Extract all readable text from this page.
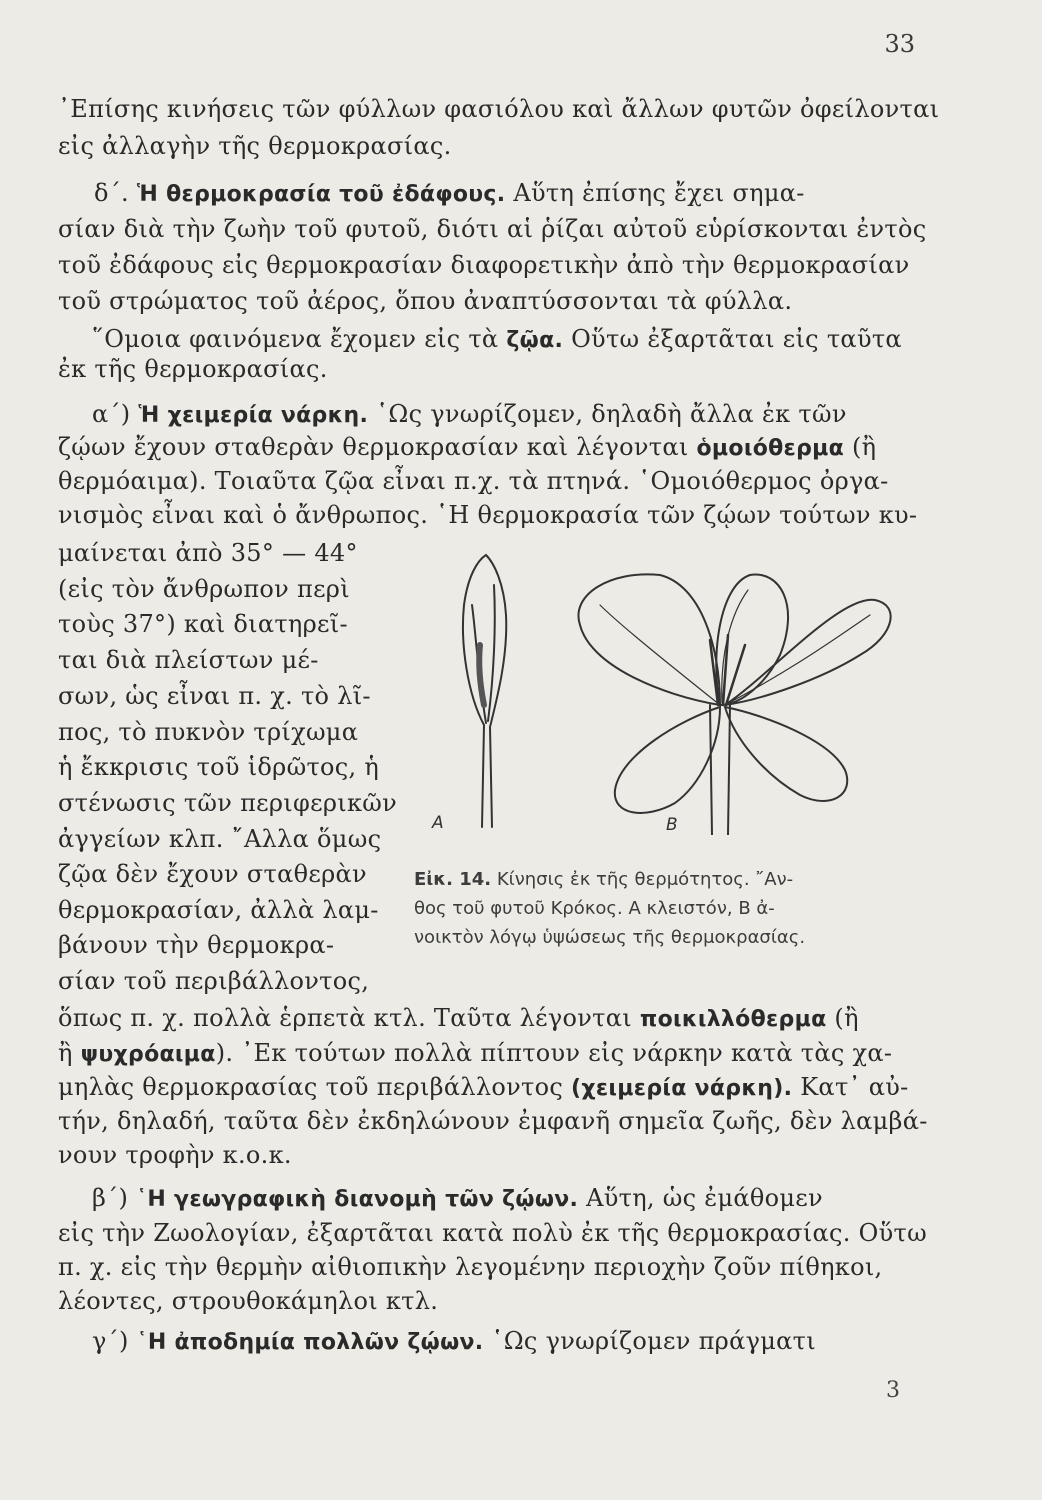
33
᾿Επίσης κινήσεις τῶν φύλλων φασιόλου καὶ ἄλλων φυτῶν ὀφείλονται
εἰς ἀλλαγὴν τῆς θερμοκρασίας.
δ΄. Ἡ θερμοκρασία τοῦ ἐδάφους. Αὕτη ἐπίσης ἔχει σημα-
σίαν διὰ τὴν ζωὴν τοῦ φυτοῦ, διότι αἱ ῥίζαι αὐτοῦ εὑρίσκονται ἐντὸς
τοῦ ἐδάφους εἰς θερμοκρασίαν διαφορετικὴν ἀπὸ τὴν θερμοκρασίαν
τοῦ στρώματος τοῦ ἀέρος, ὅπου ἀναπτύσσονται τὰ φύλλα.
῞Ομοια φαινόμενα ἔχομεν εἰς τὰ ζῷα. Οὕτω ἐξαρτᾶται εἰς ταῦτα
ἐκ τῆς θερμοκρασίας.
α΄) Ἡ χειμερία νάρκη. ῾Ως γνωρίζομεν, δηλαδὴ ἄλλα ἐκ τῶν
ζῴων ἔχουν σταθερὰν θερμοκρασίαν καὶ λέγονται ὁμοιόθερμα (ἢ
θερμόαιμα). Τοιαῦτα ζῷα εἶναι π.χ. τὰ πτηνά. ῾Ομοιόθερμος ὀργα-
νισμὸς εἶναι καὶ ὁ ἄνθρωπος. ῾Η θερμοκρασία τῶν ζῴων τούτων κυ-
μαίνεται ἀπὸ 35° — 44°
(εἰς τὸν ἄνθρωπον περὶ
τοὺς 37°) καὶ διατηρεῖ-
ται διὰ πλείστων μέ-
σων, ὡς εἶναι π. χ. τὸ λῖ-
πος, τὸ πυκνὸν τρίχωμα
ἡ ἔκκρισις τοῦ ἱδρῶτος, ἡ
στένωσις τῶν περιφερικῶν
ἀγγείων κλπ. ῎Αλλα ὅμως
ζῷα δὲν ἔχουν σταθερὰν
θερμοκρασίαν, ἀλλὰ λαμ-
βάνουν τὴν θερμοκρα-
σίαν τοῦ περιβάλλοντος,
A	B
Εἰκ. 14. Κίνησις ἐκ τῆς θερμότητος. ῎Αν-
θος τοῦ φυτοῦ Κρόκος. Α κλειστόν, Β ἀ-
νοικτὸν λόγῳ ὑψώσεως τῆς θερμοκρασίας.
ὅπως π. χ. πολλὰ ἑρπετὰ κτλ. Ταῦτα λέγονται ποικιλλόθερμα (ἢ
ἢ ψυχρόαιμα). ᾿Εκ τούτων πολλὰ πίπτουν εἰς νάρκην κατὰ τὰς χα-
μηλὰς θερμοκρασίας τοῦ περιβάλλοντος (χειμερία νάρκη). Κατ᾽ αὐ-
τήν, δηλαδή, ταῦτα δὲν ἐκδηλώνουν ἐμφανῆ σημεῖα ζωῆς, δὲν λαμβά-
νουν τροφὴν κ.ο.κ.
β΄) ῾Η γεωγραφικὴ διανομὴ τῶν ζῴων. Αὕτη, ὡς ἐμάθομεν
εἰς τὴν Ζωολογίαν, ἐξαρτᾶται κατὰ πολὺ ἐκ τῆς θερμοκρασίας. Οὕτω
π. χ. εἰς τὴν θερμὴν αἰθιοπικὴν λεγομένην περιοχὴν ζοῦν πίθηκοι,
λέοντες, στρουθοκάμηλοι κτλ.
γ΄) ῾Η ἀποδημία πολλῶν ζῴων. ῾Ως γνωρίζομεν πράγματι
3
